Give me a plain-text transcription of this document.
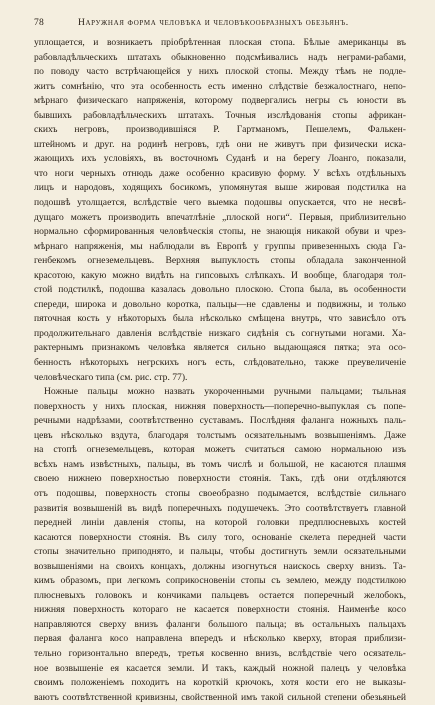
78	Наружная форма человѣка и человѣкообразныхъ обезьянъ.
уплощается, и возникаетъ пріобрѣтенная плоская стопа. Бѣлые американцы въ
рабовладѣльческихъ штатахъ обыкновенно подсмѣивались надъ неграми-рабами,
по поводу часто встрѣчающейся у нихъ плоской стопы. Между тѣмъ не подле-
житъ сомнѣнію, что эта особенность есть именно слѣдствіе безжалостнаго, непо-
мѣрнаго физическаго напряженія, которому подвергались негры съ юности въ
бывшихъ рабовладѣльческихъ штатахъ. Точныя изслѣдованія стопы африкан-
скихъ негровъ, производившіяся Р. Гартманомъ, Пешелемъ, Фалькен-
штейномъ и друг. на родинѣ негровъ, гдѣ они не живутъ при физически иска-
жающихъ ихъ условіяхъ, въ восточномъ Суданѣ и на берегу Лоанго, показали,
что ноги черныхъ отнюдь даже особенно красивую форму. У всѣхъ отдѣльныхъ
лицъ и народовъ, ходящихъ босикомъ, упомянутая выше жировая подстилка на
подошвѣ утолщается, вслѣдствіе чего выемка подошвы опускается, что не несвѣ-
дущаго можетъ производить впечатлѣніе „плоской ноги“. Первыя, приблизительно
нормально сформированныя человѣческія стопы, не знающія никакой обуви и чрез-
мѣрнаго напряженія, мы наблюдали въ Европѣ у группы привезенныхъ сюда Га-
генбекомъ огнеземельцевъ. Верхняя выпуклость стопы обладала законченной
красотою, какую можно видѣть на гипсовыхъ слѣпкахъ. И вообще, благодаря тол-
стой подстилкѣ, подошва казалась довольно плоскою. Стопа была, въ особенности
спереди, широка и довольно коротка, пальцы—не сдавлены и подвижны, и только
пяточная кость у нѣкоторыхъ была нѣсколько смѣщена внутрь, что зависѣло отъ
продолжительнаго давленія вслѣдствіе низкаго сидѣнія съ согнутыми ногами. Ха-
рактернымъ признакомъ человѣка является сильно выдающаяся пятка; эта осо-
бенность нѣкоторыхъ негрскихъ ногъ есть, слѣдовательно, также преувеличеніе
человѣческаго типа (см. рис. стр. 77).
Ножные пальцы можно назвать укороченными ручными пальцами; тыльная
поверхность у нихъ плоская, нижняя поверхность—поперечно-выпуклая съ попе-
речными надрѣзами, соотвѣтственно суставамъ. Послѣдняя фаланга ножныхъ паль-
цевъ нѣсколько вздута, благодаря толстымъ осязательнымъ возвышеніямъ. Даже
на стопѣ огнеземельцевъ, которая можетъ считаться самою нормальною изъ
всѣхъ намъ извѣстныхъ, пальцы, въ томъ числѣ и большой, не касаются плашмя
своею нижнею поверхностью поверхности стоянія. Такъ, гдѣ они отдѣляются
отъ подошвы, поверхность стопы своеобразно подымается, вслѣдствіе сильнаго
развитія возвышеній въ видѣ поперечныхъ подушечекъ. Это соотвѣтствуетъ главной
передней линіи давленія стопы, на которой головки предплюсневыхъ костей
касаются поверхности стоянія. Въ силу того, основаніе скелета передней части
стопы значительно приподнято, и пальцы, чтобы достигнуть земли осязательными
возвышеніями на своихъ концахъ, должны изогнуться наискось сверху внизъ. Та-
кимъ образомъ, при легкомъ соприкосновеніи стопы съ землею, между подстилкою
плюсневыхъ головокъ и кончиками пальцевъ остается поперечный желобокъ,
нижняя поверхность котораго не касается поверхности стоянія. Наименѣе косо
направляются сверху внизъ фаланги большого пальца; въ остальныхъ пальцахъ
первая фаланга косо направлена впередъ и нѣсколько кверху, вторая приблизи-
тельно горизонтально впередъ, третья косвенно внизъ, вслѣдствіе чего осязатель-
ное возвышеніе ея касается земли. И такъ, каждый ножной палецъ у человѣка
своимъ положеніемъ походитъ на короткій крючокъ, хотя кости его не выказы-
ваютъ соотвѣтственной кривизны, свойственной имъ такой сильной степени обезьяньей
